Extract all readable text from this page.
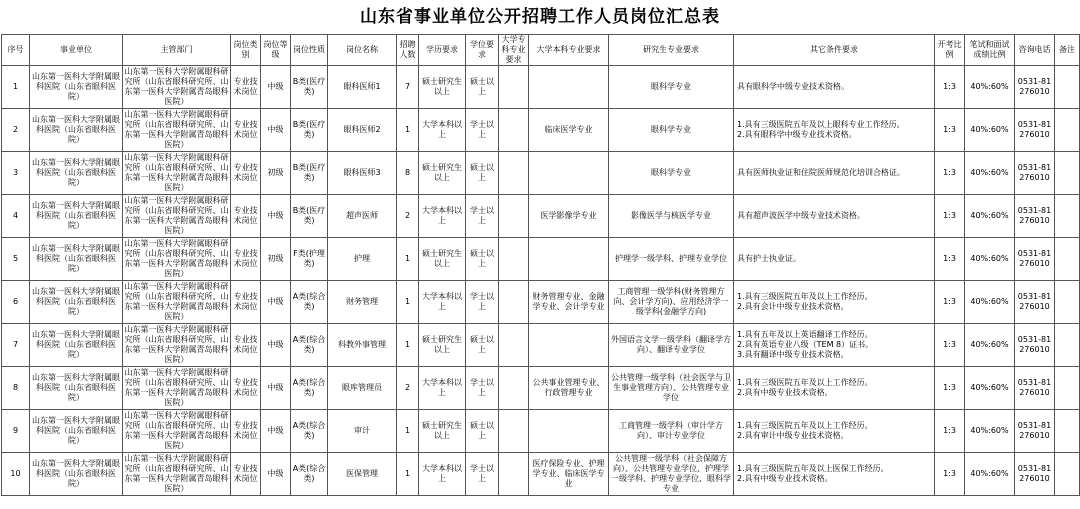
山东省事业单位公开招聘工作人员岗位汇总表
序号	事业单位	主管部门	岗位类别	岗位等级	岗位性质	岗位名称	招聘人数	学历要求	学位要求	大学专科专业要求	大学本科专业要求	研究生专业要求	其它条件要求	开考比例	笔试和面试成绩比例	咨询电话	备注
1	山东第一医科大学附属眼科医院（山东省眼科医院）	山东第一医科大学附属眼科研究所（山东省眼科研究所、山东第一医科大学附属青岛眼科医院）	专业技术岗位	中级	B类(医疗类)	眼科医师1	7	硕士研究生以上	硕士以上			眼科学专业	具有眼科学中级专业技术资格。	1:3	40%:60%	0531-81276010	
2	山东第一医科大学附属眼科医院（山东省眼科医院）	山东第一医科大学附属眼科研究所（山东省眼科研究所、山东第一医科大学附属青岛眼科医院）	专业技术岗位	中级	B类(医疗类)	眼科医师2	1	大学本科以上	学士以上		临床医学专业	眼科学专业	1.具有三级医院五年及以上眼科专业工作经历。
2.具有眼科学中级专业技术资格。	1:3	40%:60%	0531-81276010	
3	山东第一医科大学附属眼科医院（山东省眼科医院）	山东第一医科大学附属眼科研究所（山东省眼科研究所、山东第一医科大学附属青岛眼科医院）	专业技术岗位	初级	B类(医疗类)	眼科医师3	8	硕士研究生以上	硕士以上			眼科学专业	具有医师执业证和住院医师规范化培训合格证。	1:3	40%:60%	0531-81276010	
4	山东第一医科大学附属眼科医院（山东省眼科医院）	山东第一医科大学附属眼科研究所（山东省眼科研究所、山东第一医科大学附属青岛眼科医院）	专业技术岗位	中级	B类(医疗类)	超声医师	2	大学本科以上	学士以上		医学影像学专业	影像医学与核医学专业	具有超声波医学中级专业技术资格。	1:3	40%:60%	0531-81276010	
5	山东第一医科大学附属眼科医院（山东省眼科医院）	山东第一医科大学附属眼科研究所（山东省眼科研究所、山东第一医科大学附属青岛眼科医院）	专业技术岗位	初级	F类(护理类)	护理	1	硕士研究生以上	硕士以上			护理学一级学科、护理专业学位	具有护士执业证。	1:3	40%:60%	0531-81276010	
6	山东第一医科大学附属眼科医院（山东省眼科医院）	山东第一医科大学附属眼科研究所（山东省眼科研究所、山东第一医科大学附属青岛眼科医院）	专业技术岗位	中级	A类(综合类)	财务管理	1	大学本科以上	学士以上		财务管理专业、金融学专业、会计学专业	工商管理一级学科(财务管理方向、会计学方向)、应用经济学一级学科(金融学方向)	1.具有三级医院五年及以上工作经历。
2.具有会计中级专业技术资格。	1:3	40%:60%	0531-81276010	
7	山东第一医科大学附属眼科医院（山东省眼科医院）	山东第一医科大学附属眼科研究所（山东省眼科研究所、山东第一医科大学附属青岛眼科医院）	专业技术岗位	中级	A类(综合类)	科教外事管理	1	硕士研究生以上	硕士以上			外国语言文学一级学科（翻译学方向）、翻译专业学位	1.具有五年及以上英语翻译工作经历。
2.具有英语专业八级（TEM 8）证书。
3.具有翻译中级专业技术资格。	1:3	40%:60%	0531-81276010	
8	山东第一医科大学附属眼科医院（山东省眼科医院）	山东第一医科大学附属眼科研究所（山东省眼科研究所、山东第一医科大学附属青岛眼科医院）	专业技术岗位	中级	A类(综合类)	眼库管理员	2	大学本科以上	学士以上		公共事业管理专业、行政管理专业	公共管理一级学科（社会医学与卫生事业管理方向）、公共管理专业学位	1.具有三级医院五年及以上工作经历。
2.具有中级专业技术资格。	1:3	40%:60%	0531-81276010	
9	山东第一医科大学附属眼科医院（山东省眼科医院）	山东第一医科大学附属眼科研究所（山东省眼科研究所、山东第一医科大学附属青岛眼科医院）	专业技术岗位	中级	A类(综合类)	审计	1	硕士研究生以上	硕士以上			工商管理一级学科（审计学方向）、审计专业学位	1.具有三级医院五年及以上工作经历。
2.具有审计中级专业技术资格。	1:3	40%:60%	0531-81276010	
10	山东第一医科大学附属眼科医院（山东省眼科医院）	山东第一医科大学附属眼科研究所（山东省眼科研究所、山东第一医科大学附属青岛眼科医院）	专业技术岗位	中级	A类(综合类)	医保管理	1	大学本科以上	学士以上		医疗保险专业、护理学专业、临床医学专业	公共管理一级学科（社会保障方向）、公共管理专业学位、护理学一级学科、护理专业学位、眼科学专业	1.具有三级医院五年及以上医保工作经历。
2.具有中级专业技术资格。	1:3	40%:60%	0531-81276010	
